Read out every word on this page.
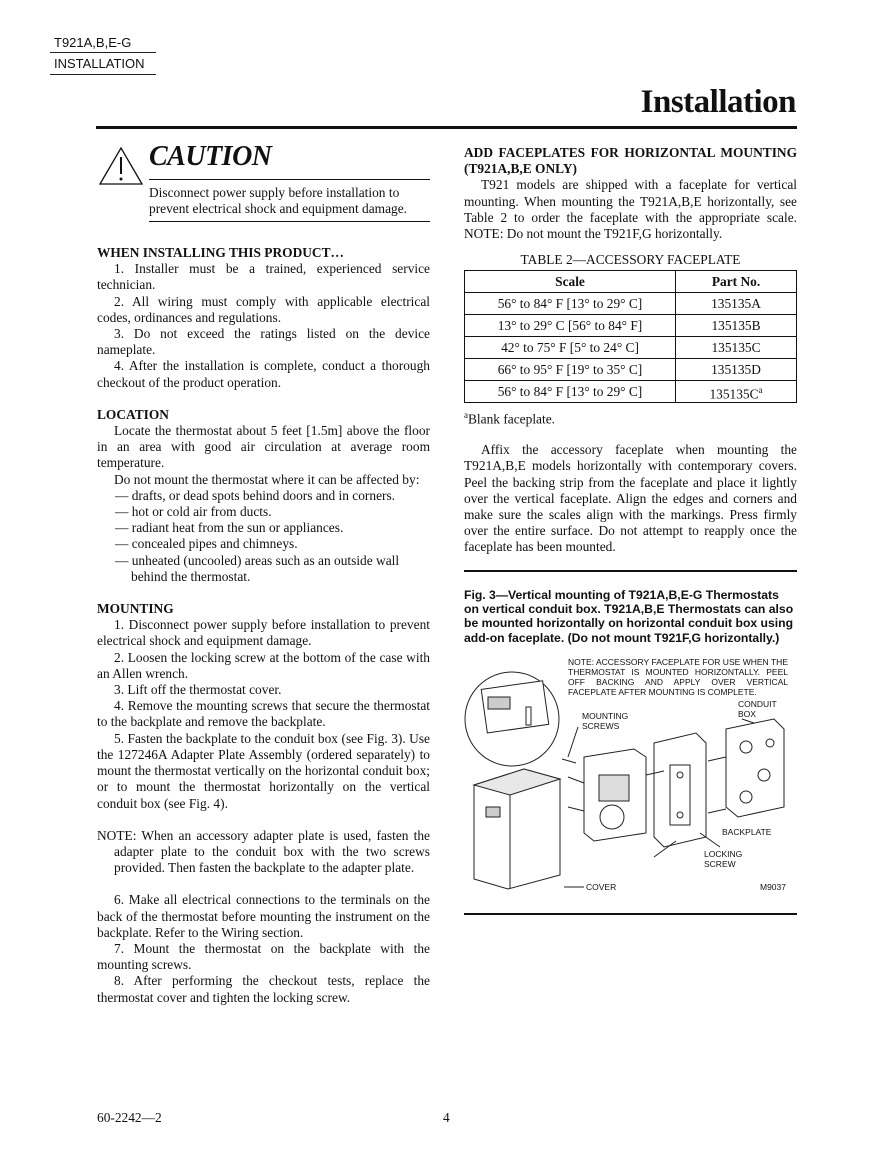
T921A,B,E-G
INSTALLATION
Installation
CAUTION
Disconnect power supply before installation to prevent electrical shock and equipment damage.
WHEN INSTALLING THIS PRODUCT…

1. Installer must be a trained, experienced service technician.

2. All wiring must comply with applicable electrical codes, ordinances and regulations.

3. Do not exceed the ratings listed on the device nameplate.

4. After the installation is complete, conduct a thorough checkout of the product operation.

LOCATION

Locate the thermostat about 5 feet [1.5m] above the floor in an area with good air circulation at average room temperature.

Do not mount the thermostat where it can be affected by:

— drafts, or dead spots behind doors and in corners.

— hot or cold air from ducts.

— radiant heat from the sun or appliances.

— concealed pipes and chimneys.

— unheated (uncooled) areas such as an outside wall behind the thermostat.

MOUNTING

1. Disconnect power supply before installation to prevent electrical shock and equipment damage.

2. Loosen the locking screw at the bottom of the case with an Allen wrench.

3. Lift off the thermostat cover.

4. Remove the mounting screws that secure the thermostat to the backplate and remove the backplate.

5. Fasten the backplate to the conduit box (see Fig. 3). Use the 127246A Adapter Plate Assembly (ordered separately) to mount the thermostat vertically on the horizontal conduit box; or to mount the thermostat horizontally on the vertical conduit box (see Fig. 4).

NOTE: When an accessory adapter plate is used, fasten the adapter plate to the conduit box with the two screws provided. Then fasten the backplate to the adapter plate.

6. Make all electrical connections to the terminals on the back of the thermostat before mounting the instrument on the backplate. Refer to the Wiring section.

7. Mount the thermostat on the backplate with the mounting screws.

8. After performing the checkout tests, replace the thermostat cover and tighten the locking screw.

ADD FACEPLATES FOR HORIZONTAL MOUNTING (T921A,B,E ONLY)

T921 models are shipped with a faceplate for vertical mounting. When mounting the T921A,B,E horizontally, see Table 2 to order the faceplate with the appropriate scale. NOTE: Do not mount the T921F,G horizontally.

TABLE 2—ACCESSORY FACEPLATE
Scale	Part No.
56° to 84° F [13° to 29° C]	135135A
13° to 29° C [56° to 84° F]	135135B
42° to 75° F [5° to 24° C]	135135C
66° to 95° F [19° to 35° C]	135135D
56° to 84° F [13° to 29° C]	$135135C^a$

$^a$Blank faceplate.

Affix the accessory faceplate when mounting the T921A,B,E models horizontally with contemporary covers. Peel the backing strip from the faceplate and place it lightly over the vertical faceplate. Align the edges and corners and make sure the scales align with the markings. Press firmly over the entire surface. Do not attempt to reapply once the faceplate has been mounted.

Fig. 3—Vertical mounting of T921A,B,E-G Thermostats on vertical conduit box. T921A,B,E Thermostats can also be mounted horizontally on horizontal conduit box using add-on faceplate. (Do not mount T921F,G horizontally.)
NOTE: ACCESSORY FACEPLATE FOR USE WHEN THE THERMOSTAT IS MOUNTED HORIZONTALLY. PEEL OFF BACKING AND APPLY OVER VERTICAL FACEPLATE AFTER MOUNTING IS COMPLETE.
CONDUIT BOX
MOUNTING SCREWS
BACKPLATE
LOCKING SCREW
COVER	M9037
60-2242—2	4
